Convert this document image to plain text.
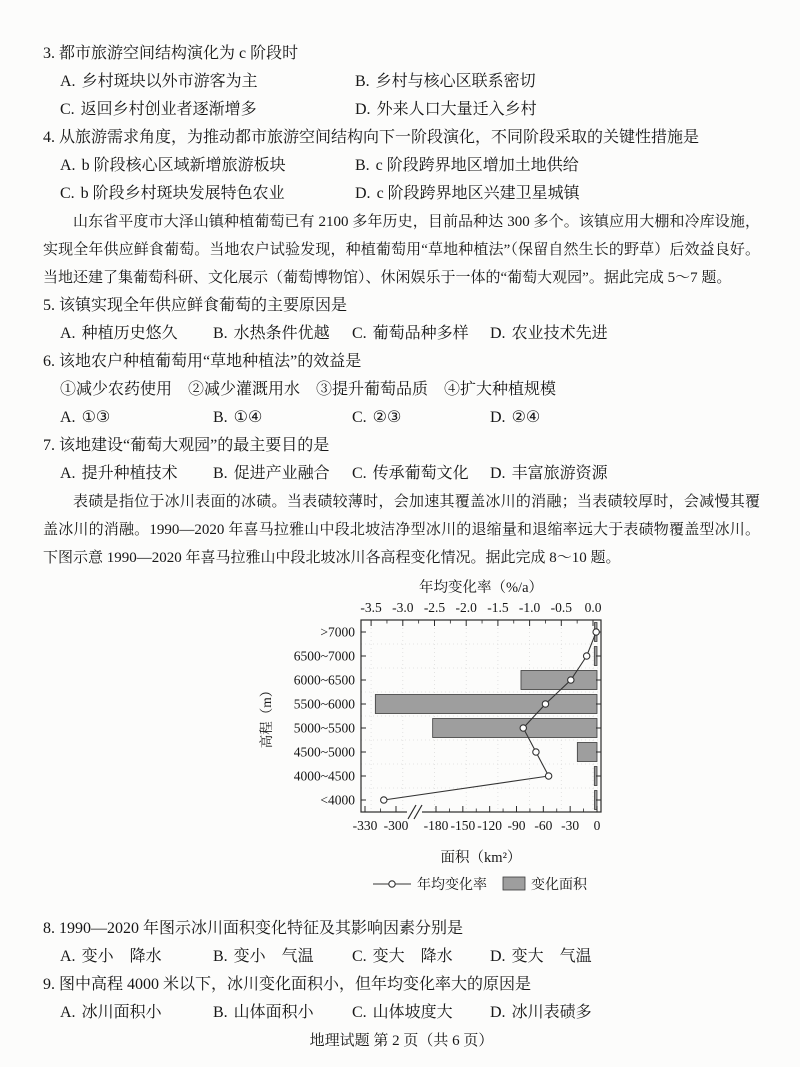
3. 都市旅游空间结构演化为 c 阶段时
A. 乡村斑块以外市游客为主	B. 乡村与核心区联系密切
C. 返回乡村创业者逐渐增多	D. 外来人口大量迁入乡村
4. 从旅游需求角度，为推动都市旅游空间结构向下一阶段演化，不同阶段采取的关键性措施是
A. b 阶段核心区域新增旅游板块	B. c 阶段跨界地区增加土地供给
C. b 阶段乡村斑块发展特色农业	D. c 阶段跨界地区兴建卫星城镇

山东省平度市大泽山镇种植葡萄已有 2100 多年历史，目前品种达 300 多个。该镇应用大棚和冷库设施，实现全年供应鲜食葡萄。当地农户试验发现，种植葡萄用“草地种植法”（保留自然生长的野草）后效益良好。当地还建了集葡萄科研、文化展示（葡萄博物馆）、休闲娱乐于一体的“葡萄大观园”。据此完成 5～7 题。

5. 该镇实现全年供应鲜食葡萄的主要原因是
A. 种植历史悠久	B. 水热条件优越	C. 葡萄品种多样	D. 农业技术先进
6. 该地农户种植葡萄用“草地种植法”的效益是
①减少农药使用　②减少灌溉用水　③提升葡萄品质　④扩大种植规模
A. ①③	B. ①④	C. ②③	D. ②④
7. 该地建设“葡萄大观园”的最主要目的是
A. 提升种植技术	B. 促进产业融合	C. 传承葡萄文化	D. 丰富旅游资源

表碛是指位于冰川表面的冰碛。当表碛较薄时，会加速其覆盖冰川的消融；当表碛较厚时，会减慢其覆盖冰川的消融。1990—2020 年喜马拉雅山中段北坡洁净型冰川的退缩量和退缩率远大于表碛物覆盖型冰川。下图示意 1990—2020 年喜马拉雅山中段北坡冰川各高程变化情况。据此完成 8～10 题。

年均变化率（%/a）
-3.5 -3.0 -2.5 -2.0 -1.5 -1.0 -0.5 0.0
>7000
6500~7000
6000~6500
5500~6000
5000~5500
4500~5000
4000~4500
<4000
-330 -300 -180 -150 -120 -90 -60 -30 0
面积（km²）
高程（m）
年均变化率	变化面积
8. 1990—2020 年图示冰川面积变化特征及其影响因素分别是
A. 变小　降水	B. 变小　气温	C. 变大　降水	D. 变大　气温
9. 图中高程 4000 米以下，冰川变化面积小，但年均变化率大的原因是
A. 冰川面积小	B. 山体面积小	C. 山体坡度大	D. 冰川表碛多
地理试题 第 2 页（共 6 页）
